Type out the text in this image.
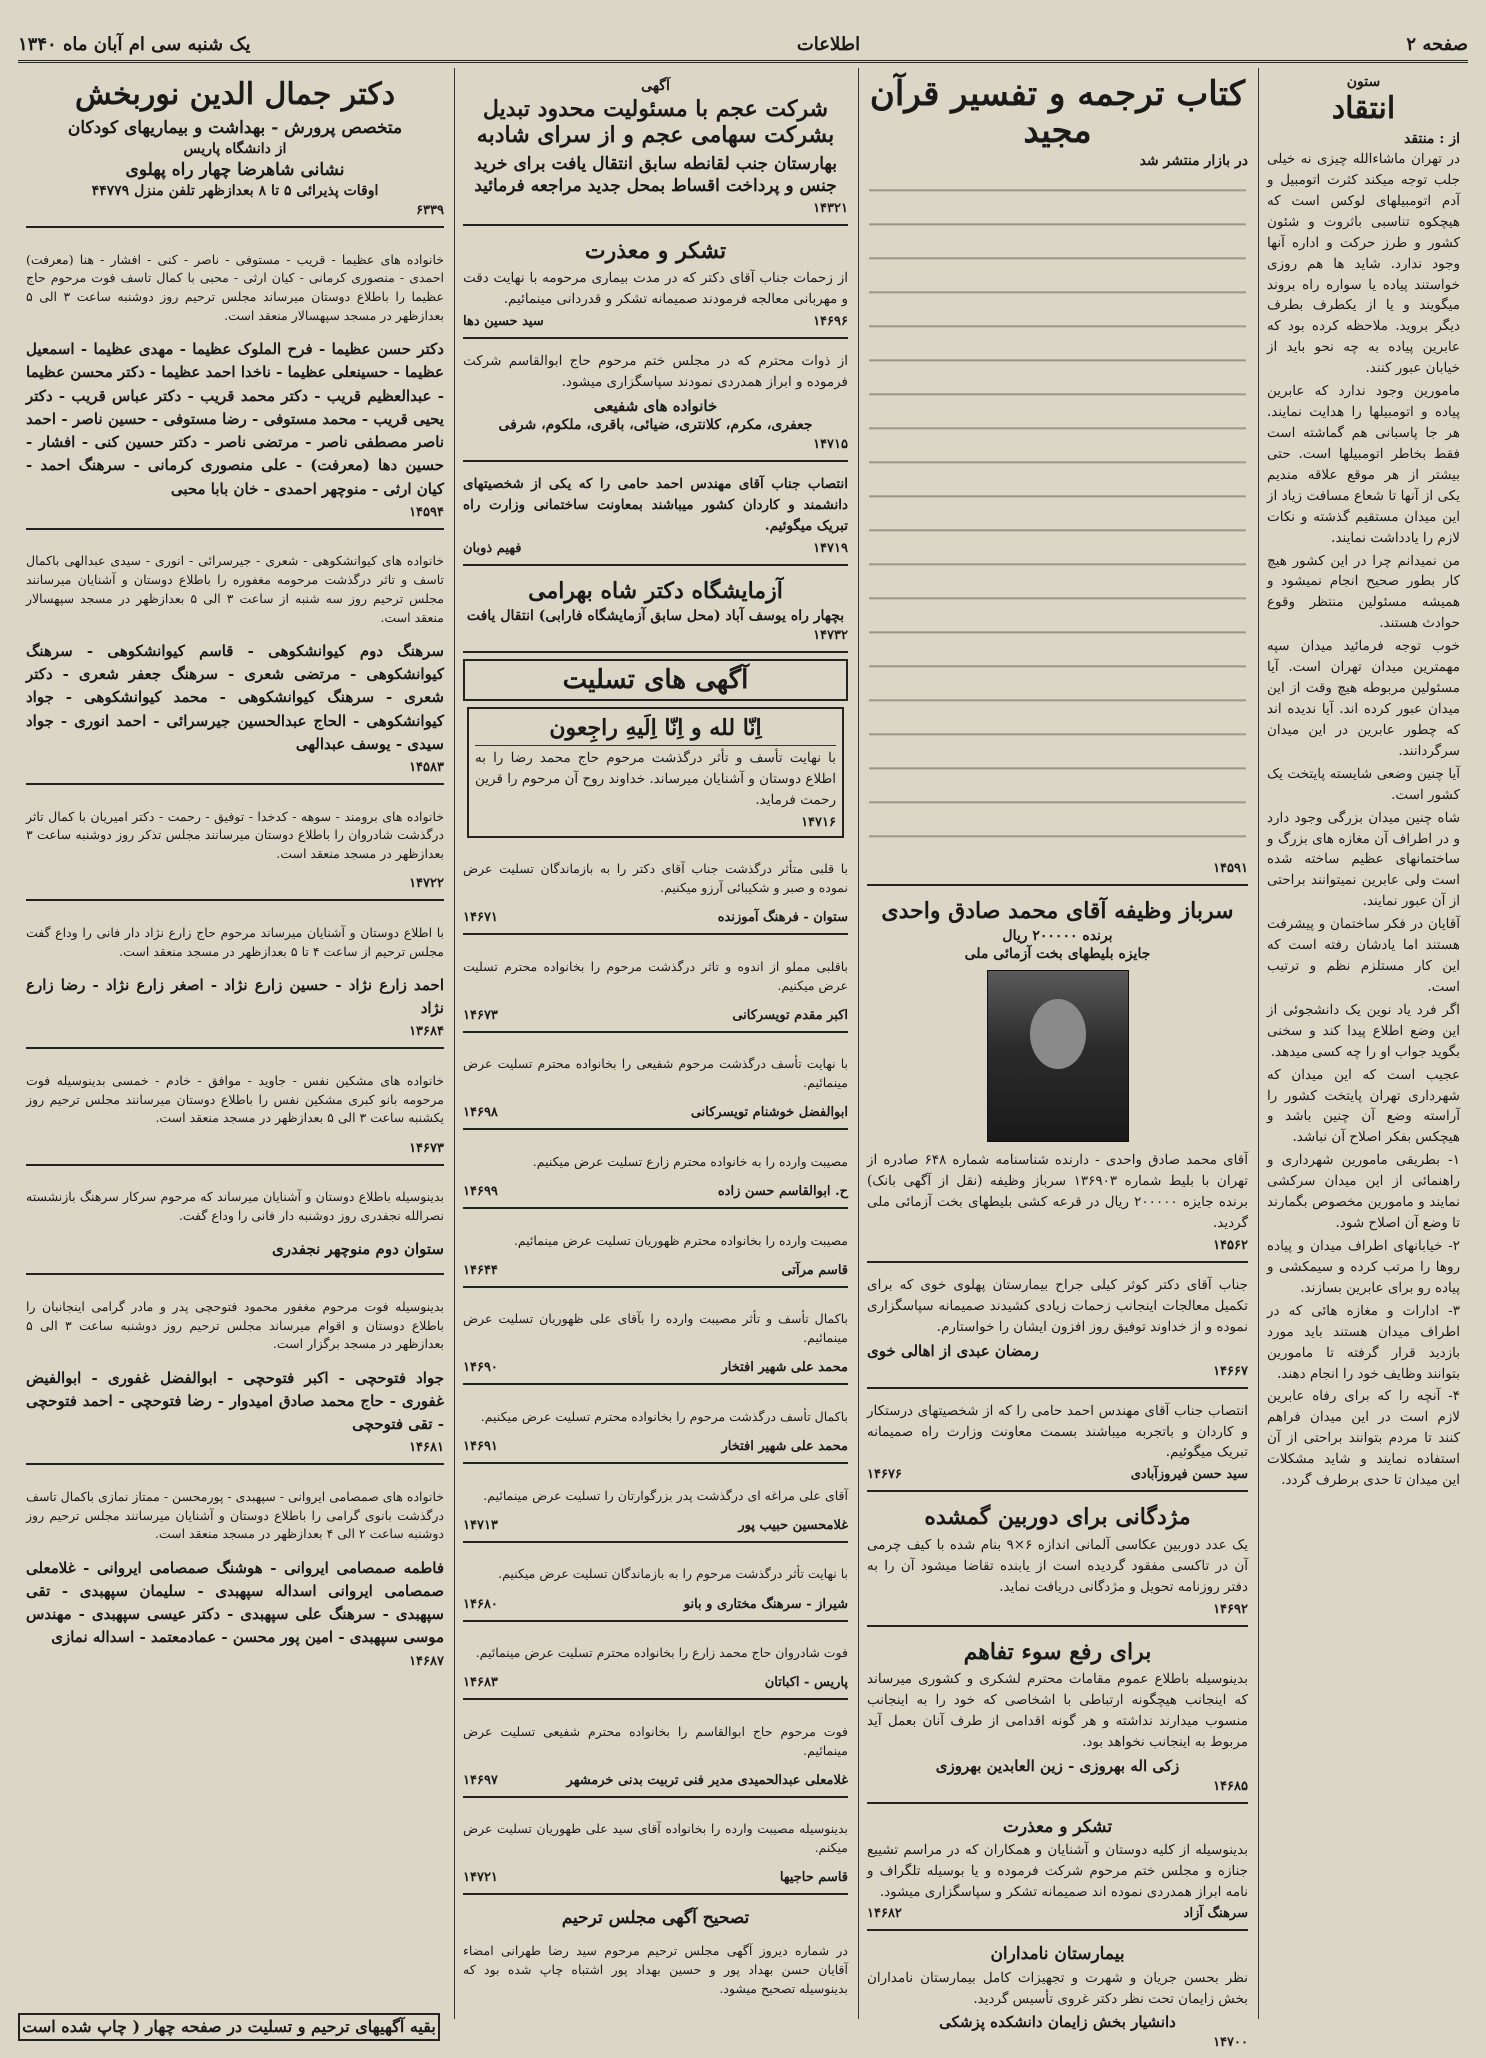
صفحه ۲
اطلاعات
یک شنبه سی ام آبان ماه ۱۳۴۰
ستون
انتقاد
از : منتقد

در تهران ماشاءالله چیزی نه خیلی جلب توجه میکند کثرت اتومبیل و آدم اتومبیلهای لوکس است که هیچکوه تناسبی باثروت و شئون کشور و طرز حرکت و اداره آنها وجود ندارد. شاید ها هم روزی خواستند پیاده یا سواره راه بروند میگویند و یا از یکطرف بطرف دیگر بروید. ملاحظه کرده بود که عابرین پیاده به چه نحو باید از خیابان عبور کنند.

مامورین وجود ندارد که عابرین پیاده و اتومبیلها را هدایت نمایند. هر جا پاسبانی هم گماشته است فقط بخاطر اتومبیلها است. حتی بیشتر از هر موقع علاقه مندیم یکی از آنها تا شعاع مسافت زیاد از این میدان مستقیم گذشته و نکات لازم را یادداشت نمایند.

من نمیدانم چرا در این کشور هیچ کار بطور صحیح انجام نمیشود و همیشه مسئولین منتظر وقوع حوادث هستند.

خوب توجه فرمائید میدان سپه مهمترین میدان تهران است. آیا مسئولین مربوطه هیچ وقت از این میدان عبور کرده اند. آیا ندیده اند که چطور عابرین در این میدان سرگردانند.

آیا چنین وضعی شایسته پایتخت یک کشور است.

شاه چنین میدان بزرگی وجود دارد و در اطراف آن مغازه های بزرگ و ساختمانهای عظیم ساخته شده است ولی عابرین نمیتوانند براحتی از آن عبور نمایند.

آقایان در فکر ساختمان و پیشرفت هستند اما یادشان رفته است که این کار مستلزم نظم و ترتیب است.

اگر فرد یاد نوین یک دانشجوئی از این وضع اطلاع پیدا کند و سخنی بگوید جواب او را چه کسی میدهد.

عجیب است که این میدان که شهرداری تهران پایتخت کشور را آراسته وضع آن چنین باشد و هیچکس بفکر اصلاح آن نباشد.

۱- بطریقی مامورین شهرداری و راهنمائی از این میدان سرکشی نمایند و مامورین مخصوص بگمارند تا وضع آن اصلاح شود.

۲- خیابانهای اطراف میدان و پیاده روها را مرتب کرده و سیمکشی و پیاده رو برای عابرین بسازند.

۳- ادارات و مغازه هائی که در اطراف میدان هستند باید مورد بازدید قرار گرفته تا مامورین بتوانند وظایف خود را انجام دهند.

۴- آنچه را که برای رفاه عابرین لازم است در این میدان فراهم کنند تا مردم بتوانند براحتی از آن استفاده نمایند و شاید مشکلات این میدان تا حدی برطرف گردد.

کتاب ترجمه و تفسیر قرآن مجید
در بازار منتشر شد
۱۴۵۹۱
سرباز وظیفه آقای محمد صادق واحدی
برنده ۲۰۰۰۰۰ ریال
جایزه بلیطهای بخت آزمائی ملی

آقای محمد صادق واحدی - دارنده شناسنامه شماره ۶۴۸ صادره از تهران با بلیط شماره ۱۳۶۹۰۳ سرباز وظیفه (نقل از آگهی بانک) برنده جایزه ۲۰۰۰۰۰ ریال در قرعه کشی بلیطهای بخت آزمائی ملی گردید.

۱۴۵۶۲

جناب آقای دکتر کوثر کیلی جراح بیمارستان پهلوی خوی که برای تکمیل معالجات اینجانب زحمات زیادی کشیدند صمیمانه سپاسگزاری نموده و از خداوند توفیق روز افزون ایشان را خواستارم.

رمضان عبدی از اهالی خوی
۱۴۶۶۷

انتصاب جناب آقای مهندس احمد حامی را که از شخصیتهای درستکار و کاردان و باتجربه میباشند بسمت معاونت وزارت راه صمیمانه تبریک میگوئیم.

سید حسن فیروزآبادی
۱۴۶۷۶
مژدگانی برای دوربین گمشده

یک عدد دوربین عکاسی آلمانی اندازه ۶×۹ بنام شده با کیف چرمی آن در تاکسی مفقود گردیده است از یابنده تقاضا میشود آن را به دفتر روزنامه تحویل و مژدگانی دریافت نماید.

۱۴۶۹۲
برای رفع سوء تفاهم

بدینوسیله باطلاع عموم مقامات محترم لشکری و کشوری میرساند که اینجانب هیچگونه ارتباطی با اشخاصی که خود را به اینجانب منسوب میدارند نداشته و هر گونه اقدامی از طرف آنان بعمل آید مربوط به اینجانب نخواهد بود.

زکی اله بهروزی - زین العابدین بهروزی
۱۴۶۸۵
تشکر و معذرت

بدینوسیله از کلیه دوستان و آشنایان و همکاران که در مراسم تشییع جنازه و مجلس ختم مرحوم شرکت فرموده و یا بوسیله تلگراف و نامه ابراز همدردی نموده اند صمیمانه تشکر و سپاسگزاری میشود.

سرهنگ آزاد
۱۴۶۸۲
بیمارستان نامداران

نظر بحسن جریان و شهرت و تجهیزات کامل بیمارستان نامداران بخش زایمان تحت نظر دکتر غروی تأسیس گردید.

دانشیار بخش زایمان دانشکده پزشکی
۱۴۷۰۰
آگهی
شرکت عجم با مسئولیت محدود تبدیل بشرکت سهامی عجم و از سرای شادبه
بهارستان جنب لقانطه سابق انتقال یافت برای خرید جنس و پرداخت اقساط بمحل جدید مراجعه فرمائید
۱۴۳۲۱
تشکر و معذرت

از زحمات جناب آقای دکتر که در مدت بیماری مرحومه با نهایت دقت و مهربانی معالجه فرمودند صمیمانه تشکر و قدردانی مینمائیم.

۱۴۶۹۶
سید حسین دها

از ذوات محترم که در مجلس ختم مرحوم حاج ابوالقاسم شرکت فرموده و ابراز همدردی نمودند سپاسگزاری میشود.

خانواده های شفیعی
جعفری، مکرم، کلانتری، ضیائی، باقری، ملکوم، شرفی
۱۴۷۱۵

انتصاب جناب آقای مهندس احمد حامی را که یکی از شخصیتهای دانشمند و کاردان کشور میباشند بمعاونت ساختمانی وزارت راه تبریک میگوئیم.

۱۴۷۱۹
فهیم ذوبان
آزمایشگاه دکتر شاه بهرامی
بچهار راه یوسف آباد (محل سابق آزمایشگاه فارابی) انتقال یافت
۱۴۷۳۲
آگهی های تسلیت
اِنّا لله و اِنّا اِلَیهِ راجِعون

با نهایت تأسف و تأثر درگذشت مرحوم حاج محمد رضا را به اطلاع دوستان و آشنایان میرساند. خداوند روح آن مرحوم را قرین رحمت فرماید.

۱۴۷۱۶

با قلبی متأثر درگذشت جناب آقای دکتر را به بازماندگان تسلیت عرض نموده و صبر و شکیبائی آرزو میکنیم.

ستوان - فرهنگ آموزنده
۱۴۶۷۱

باقلبی مملو از اندوه و تاثر درگذشت مرحوم را بخانواده محترم تسلیت عرض میکنیم.

اکبر مقدم تویسرکانی
۱۴۶۷۳

با نهایت تأسف درگذشت مرحوم شفیعی را بخانواده محترم تسلیت عرض مینمائیم.

ابوالفضل خوشنام تویسرکانی
۱۴۶۹۸

مصیبت وارده را به خانواده محترم زارع تسلیت عرض میکنیم.

ح. ابوالقاسم حسن زاده
۱۴۶۹۹

مصیبت وارده را بخانواده محترم ظهوریان تسلیت عرض مینمائیم.

قاسم مرآتی
۱۴۶۴۴

باکمال تأسف و تأثر مصیبت وارده را بآقای علی ظهوریان تسلیت عرض مینمائیم.

محمد علی شهیر افتخار
۱۴۶۹۰

باکمال تأسف درگذشت مرحوم را بخانواده محترم تسلیت عرض میکنیم.

محمد علی شهیر افتخار
۱۴۶۹۱

آقای علی مراغه ای درگذشت پدر بزرگوارتان را تسلیت عرض مینمائیم.

غلامحسین حبیب پور
۱۴۷۱۳

با نهایت تأثر درگذشت مرحوم را به بازماندگان تسلیت عرض میکنیم.

شیراز - سرهنگ مختاری و بانو
۱۴۶۸۰

فوت شادروان حاج محمد زارع را بخانواده محترم تسلیت عرض مینمائیم.

پاریس - اکباتان
۱۴۶۸۳

فوت مرحوم حاج ابوالقاسم را بخانواده محترم شفیعی تسلیت عرض مینمائیم.

غلامعلی عبدالحمیدی مدیر فنی تربیت بدنی خرمشهر
۱۴۶۹۷

بدینوسیله مصیبت وارده را بخانواده آقای سید علی طهوریان تسلیت عرض میکنم.

قاسم حاجیها
۱۴۷۲۱
تصحیح آگهی مجلس ترحیم

در شماره دیروز آگهی مجلس ترحیم مرحوم سید رضا طهرانی امضاء آقایان حسن بهداد پور و حسین بهداد پور اشتباه چاپ شده بود که بدینوسیله تصحیح میشود.

دکتر جمال الدین نوربخش
متخصص پرورش - بهداشت و بیماریهای کودکان
از دانشگاه پاریس
نشانی شاهرضا چهار راه پهلوی
اوقات پذیرائی ۵ تا ۸ بعدازظهر تلفن منزل ۴۴۷۷۹
۶۳۳۹

خانواده های عظیما - قریب - مستوفی - ناصر - کنی - افشار - هنا (معرفت) احمدی - منصوری کرمانی - کیان ارثی - محبی با کمال تاسف فوت مرحوم حاج عظیما را باطلاع دوستان میرساند مجلس ترحیم روز دوشنبه ساعت ۳ الی ۵ بعدازظهر در مسجد سپهسالار منعقد است.

دکتر حسن عظیما - فرح الملوک عظیما - مهدی عظیما - اسمعیل عظیما - حسینعلی عظیما - ناخدا احمد عظیما - دکتر محسن عظیما - عبدالعظیم قریب - دکتر محمد قریب - دکتر عباس قریب - دکتر یحیی قریب - محمد مستوفی - رضا مستوفی - حسین ناصر - احمد ناصر مصطفی ناصر - مرتضی ناصر - دکتر حسین کنی - افشار - حسین دها (معرفت) - علی منصوری کرمانی - سرهنگ احمد - کیان ارثی - منوچهر احمدی - خان بابا محبی
۱۴۵۹۴

خانواده های کیوانشکوهی - شعری - جیرسرائی - انوری - سیدی عبدالهی باکمال تاسف و تاثر درگذشت مرحومه مغفوره را باطلاع دوستان و آشنایان میرسانند مجلس ترحیم روز سه شنبه از ساعت ۳ الی ۵ بعدازظهر در مسجد سپهسالار منعقد است.

سرهنگ دوم کیوانشکوهی - قاسم کیوانشکوهی - سرهنگ کیوانشکوهی - مرتضی شعری - سرهنگ جعفر شعری - دکتر شعری - سرهنگ کیوانشکوهی - محمد کیوانشکوهی - جواد کیوانشکوهی - الحاج عبدالحسین جیرسرائی - احمد انوری - جواد سیدی - یوسف عبدالهی
۱۴۵۸۳

خانواده های برومند - سوهه - کدخدا - توفیق - رحمت - دکتر امیریان با کمال تاثر درگذشت شادروان را باطلاع دوستان میرسانند مجلس تذکر روز دوشنبه ساعت ۳ بعدازظهر در مسجد منعقد است.

۱۴۷۲۲

با اطلاع دوستان و آشنایان میرساند مرحوم حاج زارع نژاد دار فانی را وداع گفت مجلس ترحیم از ساعت ۴ تا ۵ بعدازظهر در مسجد منعقد است.

احمد زارع نژاد - حسین زارع نژاد - اصغر زارع نژاد - رضا زارع نژاد
۱۳۶۸۴

خانواده های مشکین نفس - جاوید - موافق - خادم - خمسی بدینوسیله فوت مرحومه بانو کبری مشکین نفس را باطلاع دوستان میرسانند مجلس ترحیم روز یکشنبه ساعت ۳ الی ۵ بعدازظهر در مسجد منعقد است.

۱۴۶۷۳

بدینوسیله باطلاع دوستان و آشنایان میرساند که مرحوم سرکار سرهنگ بازنشسته نصرالله نجفدری روز دوشنبه دار فانی را وداع گفت.

ستوان دوم منوچهر نجفدری

بدینوسیله فوت مرحوم مغفور محمود فتوحچی پدر و مادر گرامی اینجانبان را باطلاع دوستان و اقوام میرساند مجلس ترحیم روز دوشنبه ساعت ۳ الی ۵ بعدازظهر در مسجد برگزار است.

جواد فتوحچی - اکبر فتوحچی - ابوالفضل غفوری - ابوالفیض غفوری - حاج محمد صادق امیدوار - رضا فتوحچی - احمد فتوحچی - تقی فتوحچی
۱۴۶۸۱

خانواده های صمصامی ایروانی - سپهبدی - پورمحسن - ممتاز نمازی باکمال تاسف درگذشت بانوی گرامی را باطلاع دوستان و آشنایان میرسانند مجلس ترحیم روز دوشنبه ساعت ۲ الی ۴ بعدازظهر در مسجد منعقد است.

فاطمه صمصامی ایروانی - هوشنگ صمصامی ایروانی - غلامعلی صمصامی ایروانی اسداله سپهبدی - سلیمان سپهبدی - تقی سپهبدی - سرهنگ علی سپهبدی - دکتر عیسی سپهبدی - مهندس موسی سپهبدی - امین پور محسن - عمادمعتمد - اسداله نمازی
۱۴۶۸۷
بقیه آگهیهای ترحیم و تسلیت در صفحه چهار ( چاپ شده است
